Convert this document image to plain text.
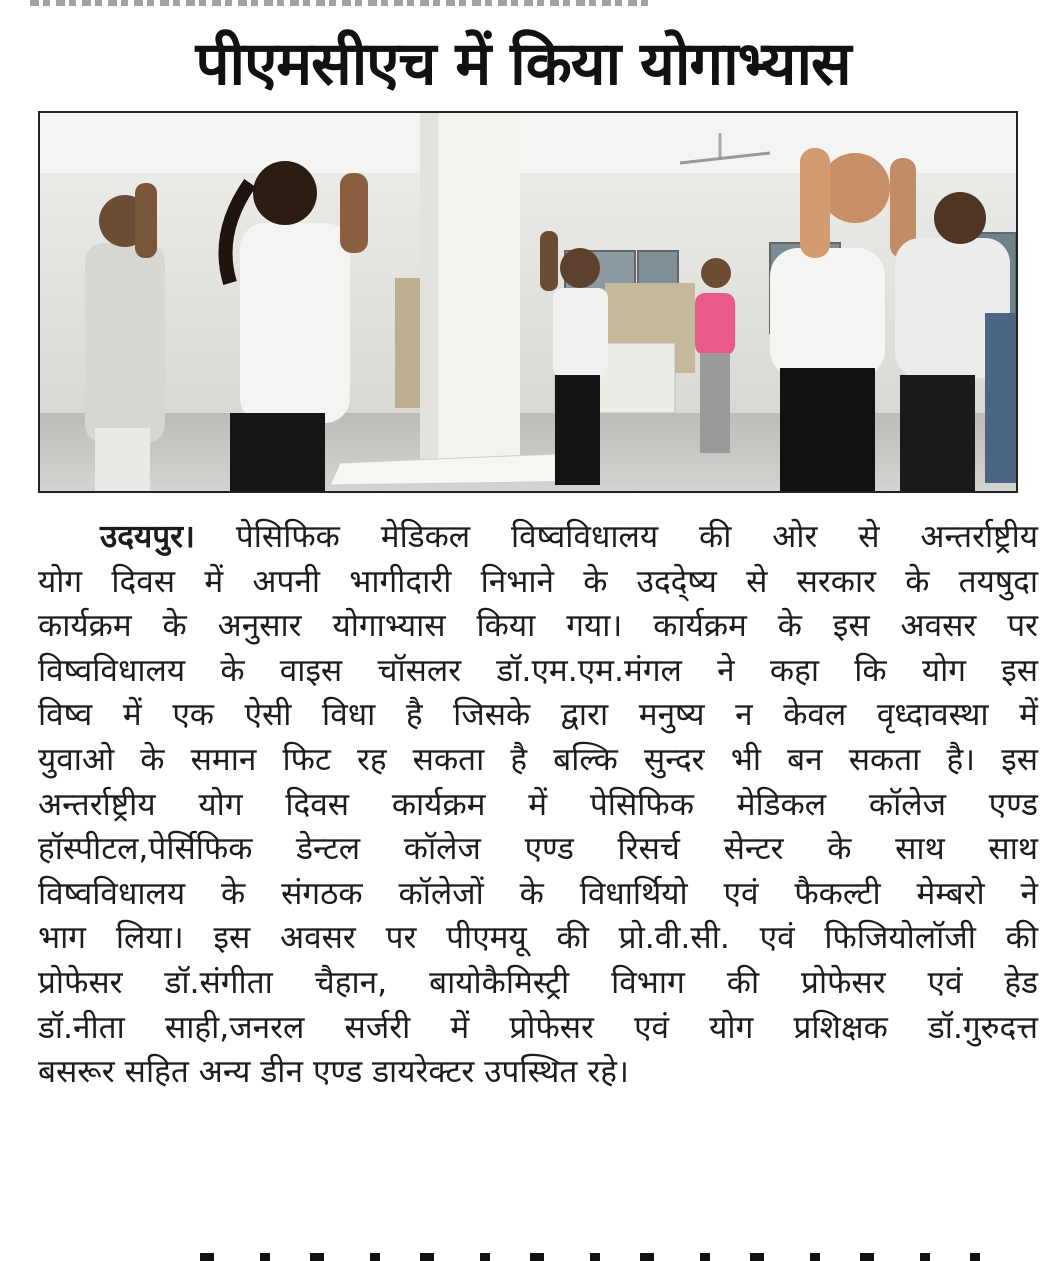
पीएमसीएच में किया योगाभ्यास
उदयपुर। पेसिफिक मेडिकल विष्वविधालय की ओर से अन्तर्राष्ट्रीय
योग दिवस में अपनी भागीदारी निभाने के उददे्ष्य से सरकार के तयषुदा
कार्यक्रम के अनुसार योगाभ्यास किया गया। कार्यक्रम के इस अवसर पर
विष्वविधालय के वाइस चॉसलर डॉ.एम.एम.मंगल ने कहा कि योग इस
विष्व में एक ऐसी विधा है जिसके द्वारा मनुष्य न केवल वृध्दावस्था में
युवाओ के समान फिट रह सकता है बल्कि सुन्दर भी बन सकता है। इस
अन्तर्राष्ट्रीय योग दिवस कार्यक्रम में पेसिफिक मेडिकल कॉलेज एण्ड
हॉस्पीटल,पेर्सिफिक डेन्टल कॉलेज एण्ड रिसर्च सेन्टर के साथ साथ
विष्वविधालय के संगठक कॉलेजों के विधार्थियो एवं फैकल्टी मेम्बरो ने
भाग लिया। इस अवसर पर पीएमयू की प्रो.वी.सी. एवं फिजियोलॉजी की
प्रोफेसर डॉ.संगीता चैहान, बायोकैमिस्ट्री विभाग की प्रोफेसर एवं हेड
डॉ.नीता साही,जनरल सर्जरी में प्रोफेसर एवं योग प्रशिक्षक डॉ.गुरुदत्त
बसरूर सहित अन्य डीन एण्ड डायरेक्टर उपस्थित रहे।
